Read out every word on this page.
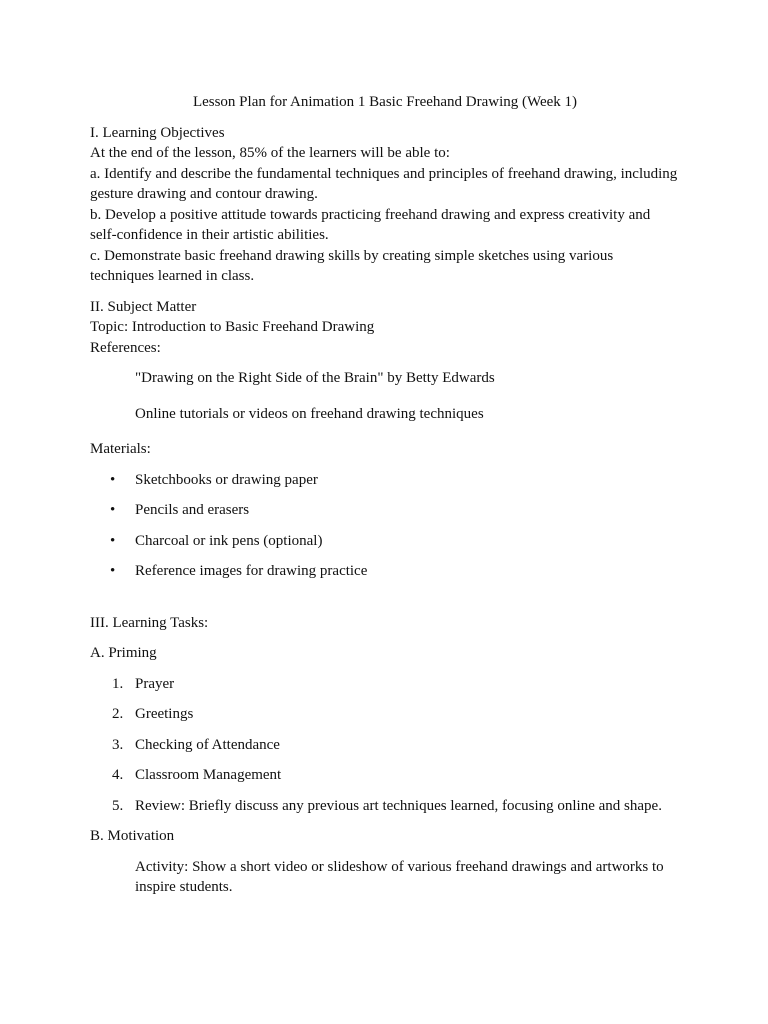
Lesson Plan for Animation 1 Basic Freehand Drawing (Week 1)

I. Learning Objectives

At the end of the lesson, 85% of the learners will be able to:

a. Identify and describe the fundamental techniques and principles of freehand drawing, including gesture drawing and contour drawing.

b. Develop a positive attitude towards practicing freehand drawing and express creativity and self-confidence in their artistic abilities.

c. Demonstrate basic freehand drawing skills by creating simple sketches using various techniques learned in class.

II. Subject Matter

Topic: Introduction to Basic Freehand Drawing

References:

"Drawing on the Right Side of the Brain" by Betty Edwards

Online tutorials or videos on freehand drawing techniques

Materials:

• Sketchbooks or drawing paper
• Pencils and erasers
• Charcoal or ink pens (optional)
• Reference images for drawing practice

III. Learning Tasks:

A. Priming

1. Prayer
2. Greetings
3. Checking of Attendance
4. Classroom Management
5. Review: Briefly discuss any previous art techniques learned, focusing online and shape.

B. Motivation

Activity: Show a short video or slideshow of various freehand drawings and artworks to inspire students.
